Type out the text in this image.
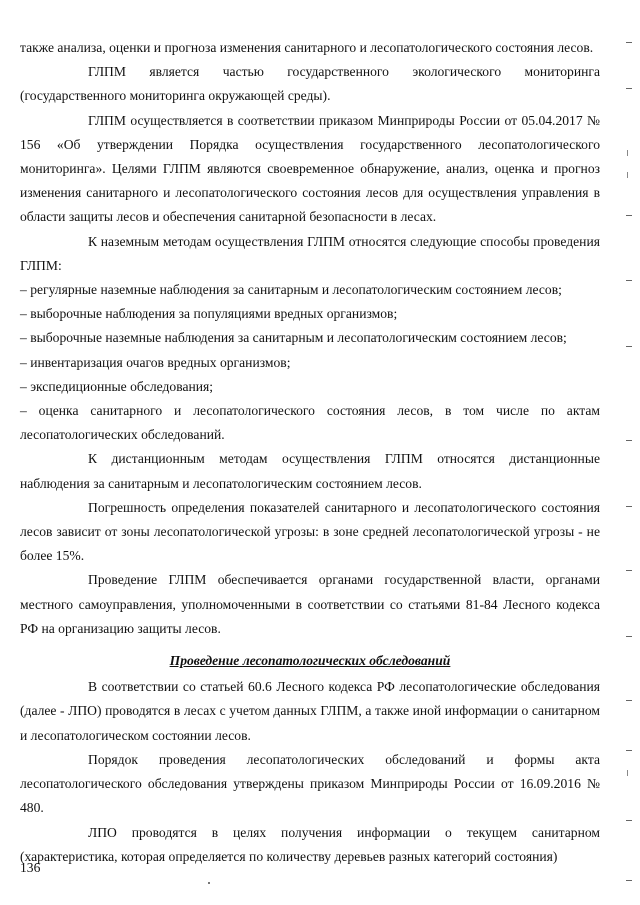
также анализа, оценки и прогноза изменения санитарного и лесопатологического состояния лесов.

ГЛПМ является частью государственного экологического мониторинга (государственного мониторинга окружающей среды).

ГЛПМ осуществляется в соответствии приказом Минприроды России от 05.04.2017 № 156 «Об утверждении Порядка осуществления государственного лесопатологического мониторинга». Целями ГЛПМ являются своевременное обнаружение, анализ, оценка и прогноз изменения санитарного и лесопатологического состояния лесов для осуществления управления в области защиты лесов и обеспечения санитарной безопасности в лесах.

К наземным методам осуществления ГЛПМ относятся следующие способы проведения ГЛПМ:

– регулярные наземные наблюдения за санитарным и лесопатологическим состоянием лесов;

– выборочные наблюдения за популяциями вредных организмов;

– выборочные наземные наблюдения за санитарным и лесопатологическим состоянием лесов;

– инвентаризация очагов вредных организмов;

– экспедиционные обследования;

– оценка санитарного и лесопатологического состояния лесов, в том числе по актам лесопатологических обследований.

К дистанционным методам осуществления ГЛПМ относятся дистанционные наблюдения за санитарным и лесопатологическим состоянием лесов.

Погрешность определения показателей санитарного и лесопатологического состояния лесов зависит от зоны лесопатологической угрозы: в зоне средней лесопатологической угрозы - не более 15%.

Проведение ГЛПМ обеспечивается органами государственной власти, органами местного самоуправления, уполномоченными в соответствии со статьями 81-84 Лесного кодекса РФ на организацию защиты лесов.

Проведение лесопатологических обследований

В соответствии со статьей 60.6 Лесного кодекса РФ лесопатологические обследования (далее - ЛПО) проводятся в лесах с учетом данных ГЛПМ, а также иной информации о санитарном и лесопатологическом состоянии лесов.

Порядок проведения лесопатологических обследований и формы акта лесопатологического обследования утверждены приказом Минприроды России от 16.09.2016 № 480.

ЛПО проводятся в целях получения информации о текущем санитарном (характеристика, которая определяется по количеству деревьев разных категорий состояния)

136
